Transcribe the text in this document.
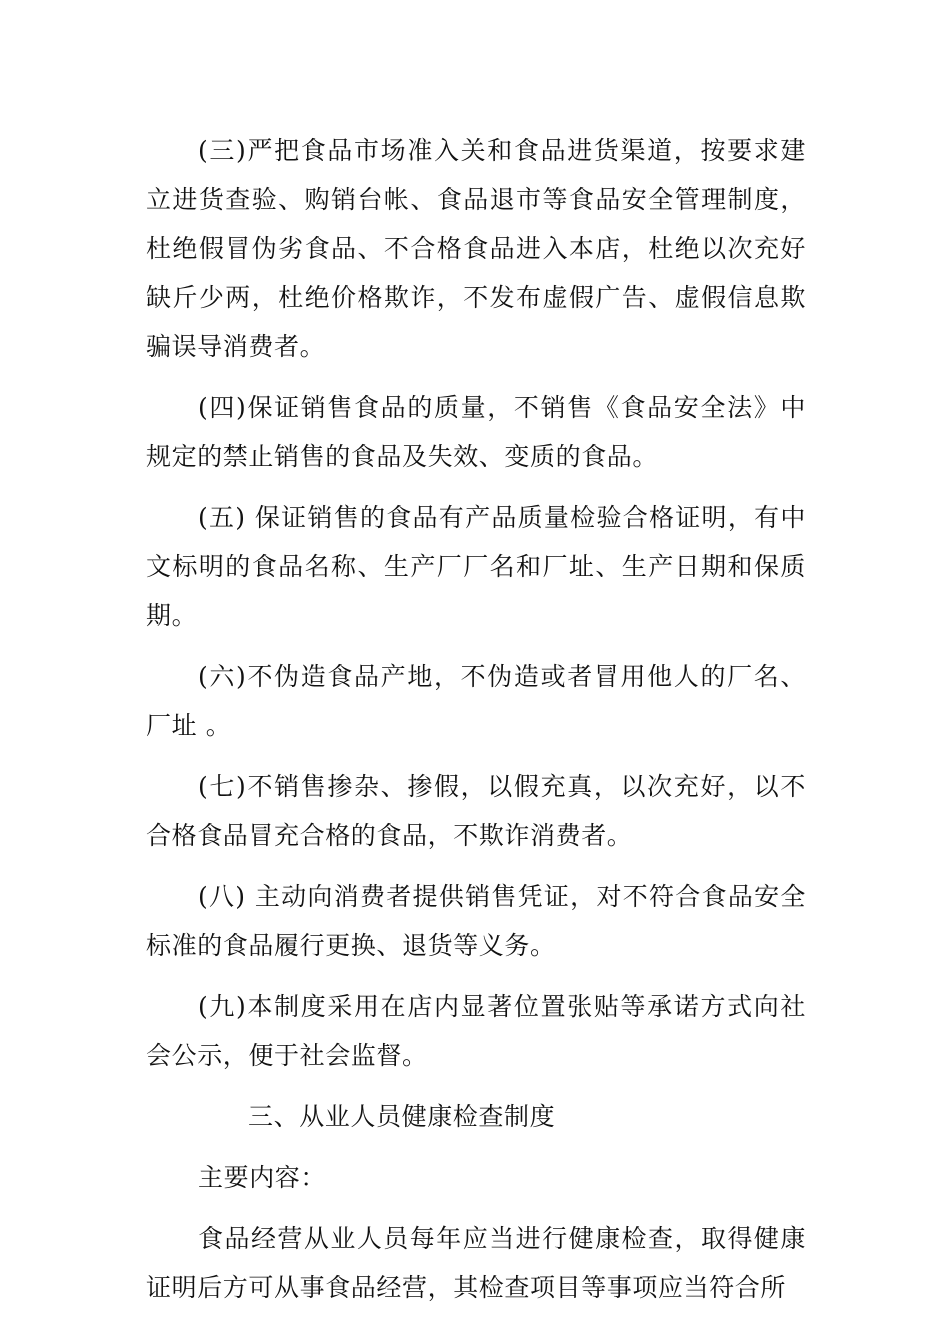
(三)严把食品市场准入关和食品进货渠道，按要求建立进货查验、购销台帐、食品退市等食品安全管理制度，杜绝假冒伪劣食品、不合格食品进入本店，杜绝以次充好缺斤少两，杜绝价格欺诈，不发布虚假广告、虚假信息欺骗误导消费者。

(四)保证销售食品的质量，不销售《食品安全法》中规定的禁止销售的食品及失效、变质的食品。

(五) 保证销售的食品有产品质量检验合格证明，有中文标明的食品名称、生产厂厂名和厂址、生产日期和保质期。

(六)不伪造食品产地，不伪造或者冒用他人的厂名、厂址 。

(七)不销售掺杂、掺假，以假充真，以次充好，以不合格食品冒充合格的食品，不欺诈消费者。

(八) 主动向消费者提供销售凭证，对不符合食品安全标准的食品履行更换、退货等义务。

(九)本制度采用在店内显著位置张贴等承诺方式向社会公示，便于社会监督。

三、从业人员健康检查制度

主要内容：

食品经营从业人员每年应当进行健康检查，取得健康证明后方可从事食品经营，其检查项目等事项应当符合所
